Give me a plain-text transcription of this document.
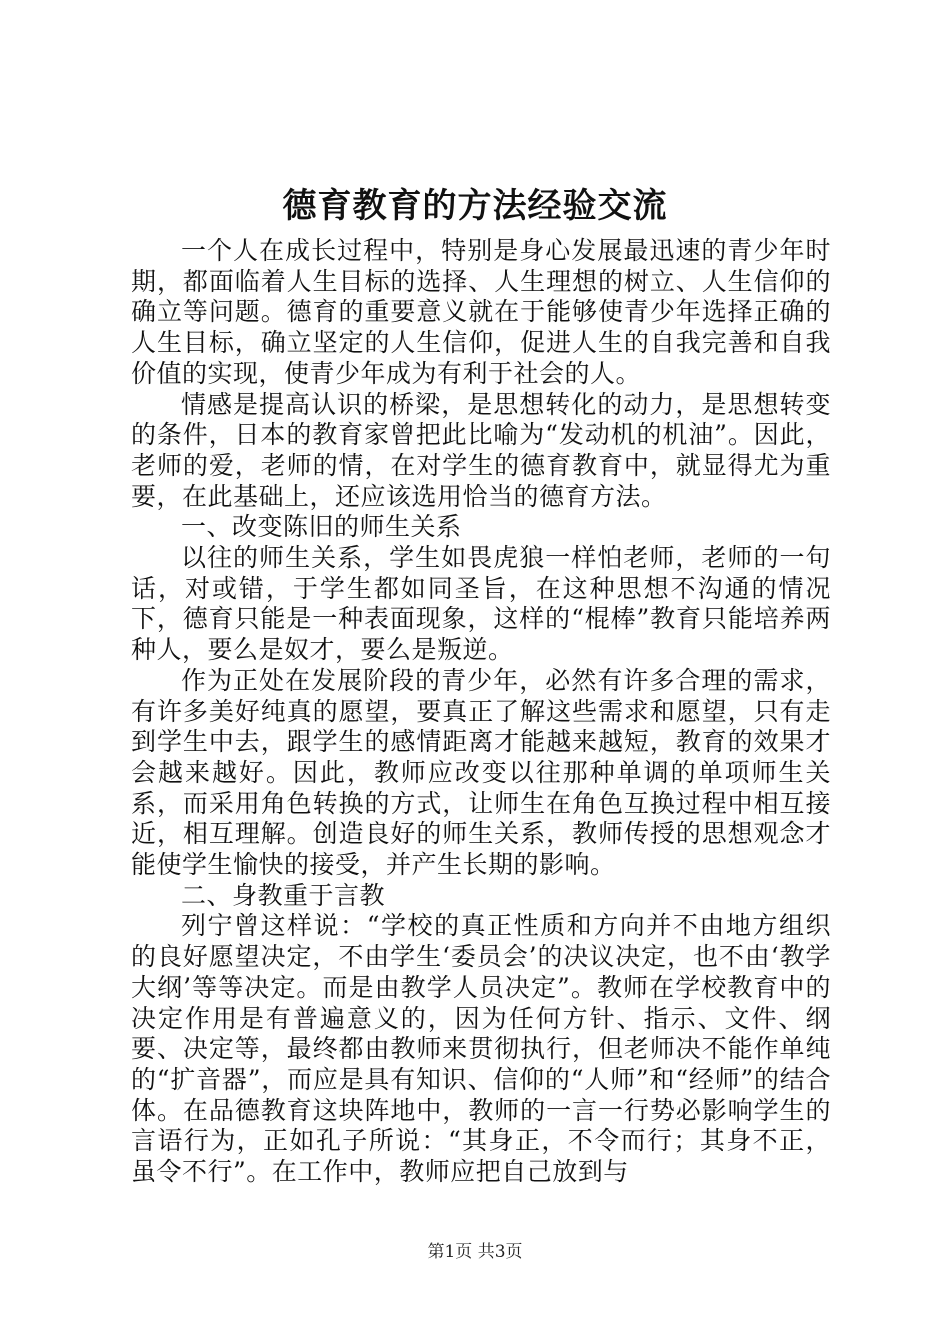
德育教育的方法经验交流

一个人在成长过程中，特别是身心发展最迅速的青少年时期，都面临着人生目标的选择、人生理想的树立、人生信仰的确立等问题。德育的重要意义就在于能够使青少年选择正确的人生目标，确立坚定的人生信仰，促进人生的自我完善和自我价值的实现，使青少年成为有利于社会的人。

情感是提高认识的桥梁，是思想转化的动力，是思想转变的条件，日本的教育家曾把此比喻为“发动机的机油”。因此，老师的爱，老师的情，在对学生的德育教育中，就显得尤为重要，在此基础上，还应该选用恰当的德育方法。

一、改变陈旧的师生关系

以往的师生关系，学生如畏虎狼一样怕老师，老师的一句话，对或错，于学生都如同圣旨，在这种思想不沟通的情况下，德育只能是一种表面现象，这样的“棍棒”教育只能培养两种人，要么是奴才，要么是叛逆。

作为正处在发展阶段的青少年，必然有许多合理的需求，有许多美好纯真的愿望，要真正了解这些需求和愿望，只有走到学生中去，跟学生的感情距离才能越来越短，教育的效果才会越来越好。因此，教师应改变以往那种单调的单项师生关系，而采用角色转换的方式，让师生在角色互换过程中相互接近，相互理解。创造良好的师生关系，教师传授的思想观念才能使学生愉快的接受，并产生长期的影响。

二、身教重于言教

列宁曾这样说：“学校的真正性质和方向并不由地方组织的良好愿望决定，不由学生‘委员会’的决议决定，也不由‘教学大纲’等等决定。而是由教学人员决定”。教师在学校教育中的决定作用是有普遍意义的，因为任何方针、指示、文件、纲要、决定等，最终都由教师来贯彻执行，但老师决不能作单纯的“扩音器”，而应是具有知识、信仰的“人师”和“经师”的结合体。在品德教育这块阵地中，教师的一言一行势必影响学生的言语行为，正如孔子所说：“其身正，不令而行；其身不正，虽令不行”。在工作中，教师应把自己放到与

第1页 共3页
